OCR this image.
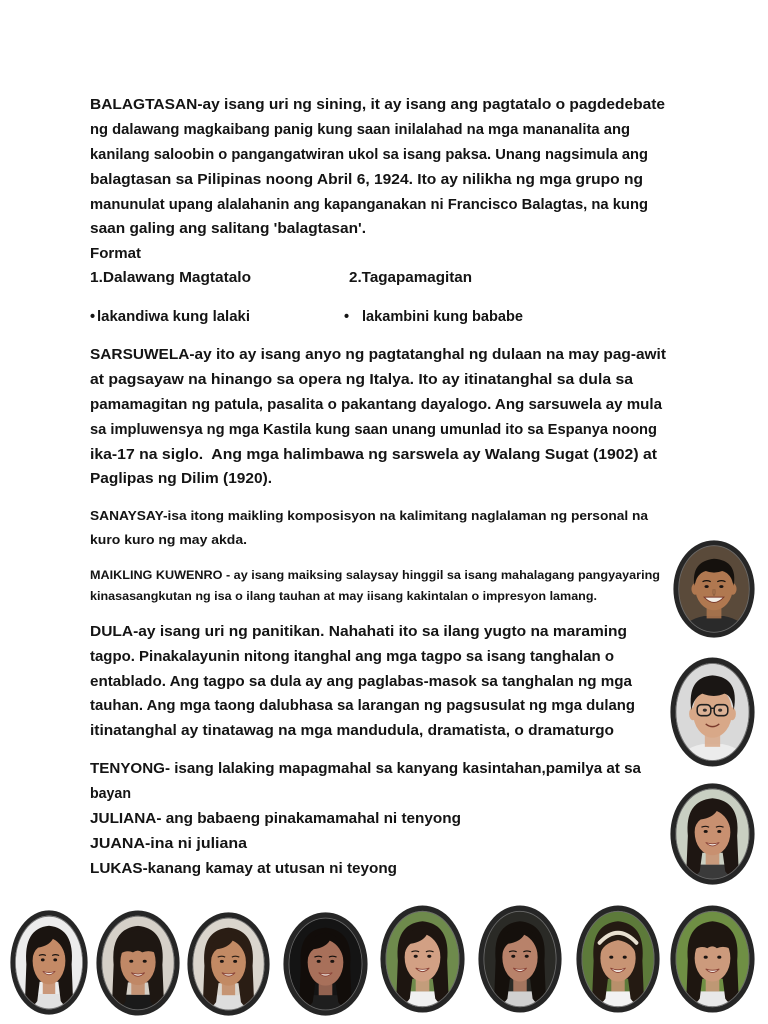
BALAGTASAN-ay isang uri ng sining, it ay isang ang pagtatalo o pagdedebate
ng dalawang magkaibang panig kung saan inilalahad na mga mananalita ang
kanilang saloobin o pangangatwiran ukol sa isang paksa. Unang nagsimula ang
balagtasan sa Pilipinas noong Abril 6, 1924. Ito ay nilikha ng mga grupo ng
manunulat upang alalahanin ang kapanganakan ni Francisco Balagtas, na kung
saan galing ang salitang 'balagtasan'.
Format
1.Dalawang Magtatalo	2.Tagapamagitan
• lakandiwa kung lalaki	• lakambini kung bababe
SARSUWELA-ay ito ay isang anyo ng pagtatanghal ng dulaan na may pag-awit
at pagsayaw na hinango sa opera ng Italya. Ito ay itinatanghal sa dula sa
pamamagitan ng patula, pasalita o pakantang dayalogo. Ang sarsuwela ay mula
sa impluwensya ng mga Kastila kung saan unang umunlad ito sa Espanya noong
ika-17 na siglo.  Ang mga halimbawa ng sarswela ay Walang Sugat (1902) at
Paglipas ng Dilim (1920).
SANAYSAY-isa itong maikling komposisyon na kalimitang naglalaman ng personal na
kuro kuro ng may akda.
MAIKLING KUWENRO - ay isang maiksing salaysay hinggil sa isang mahalagang pangyayaring
kinasasangkutan ng isa o ilang tauhan at may iisang kakintalan o impresyon lamang.
DULA-ay isang uri ng panitikan. Nahahati ito sa ilang yugto na maraming
tagpo. Pinakalayunin nitong itanghal ang mga tagpo sa isang tanghalan o
entablado. Ang tagpo sa dula ay ang paglabas-masok sa tanghalan ng mga
tauhan. Ang mga taong dalubhasa sa larangan ng pagsusulat ng mga dulang
itinatanghal ay tinatawag na mga mandudula, dramatista, o dramaturgo
TENYONG- isang lalaking mapagmahal sa kanyang kasintahan,pamilya at sa
bayan
JULIANA- ang babaeng pinakamamahal ni tenyong
JUANA-ina ni juliana
LUKAS-kanang kamay at utusan ni teyong
